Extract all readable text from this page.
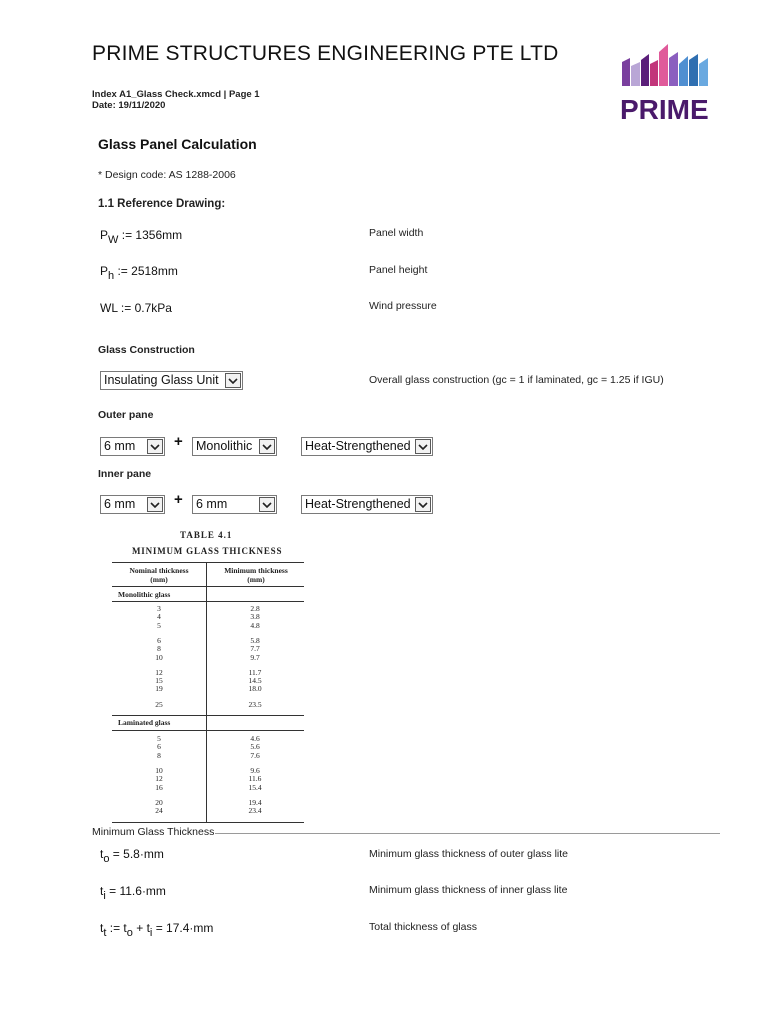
PRIME STRUCTURES ENGINEERING PTE LTD
Index A1_Glass Check.xmcd | Page 1
Date: 19/11/2020	PRIME
Glass Panel Calculation
* Design code: AS 1288-2006
1.1 Reference Drawing:
$P_W$ := 1356mm	Panel width
$P_h$ := 2518mm	Panel height
WL := 0.7kPa	Wind pressure
Glass Construction
Insulating Glass Unit	Overall glass construction (gc = 1 if laminated, gc = 1.25 if IGU)
Outer pane
6 mm	+	Monolithic	Heat-Strengthened
Inner pane
6 mm	+	6 mm	Heat-Strengthened
TABLE 4.1
MINIMUM GLASS THICKNESS
Nominal thickness
(mm)
Minimum thickness
(mm)
Monolithic glass
3	2.8
4	3.8
5	4.8
6	5.8
8	7.7
10	9.7
12	11.7
15	14.5
19	18.0
25	23.5
Laminated glass
5	4.6
6	5.6
8	7.6
10	9.6
12	11.6
16	15.4
20	19.4
24	23.4
Minimum Glass Thickness
$t_o = 5.8\cdot mm$	Minimum glass thickness of outer glass lite
$t_i = 11.6\cdot mm$	Minimum glass thickness of inner glass lite
$t_t$ := $t_o + t_i = 17.4\cdot mm$	Total thickness of glass
